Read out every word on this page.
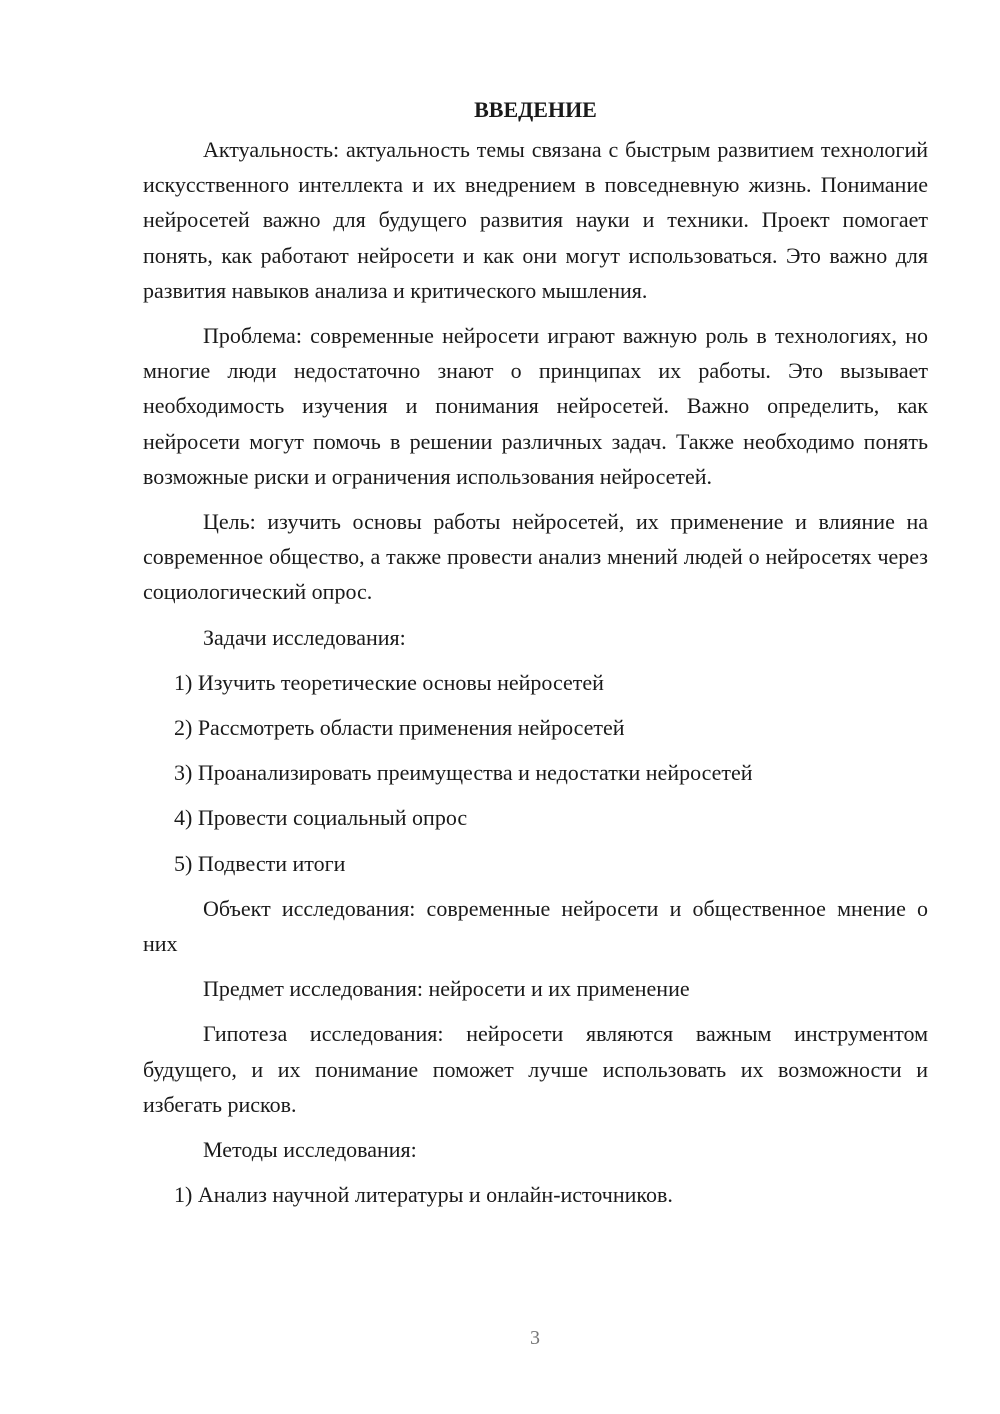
ВВЕДЕНИЕ
Актуальность: актуальность темы связана с быстрым развитием технологий искусственного интеллекта и их внедрением в повседневную жизнь. Понимание нейросетей важно для будущего развития науки и техники. Проект помогает понять, как работают нейросети и как они могут использоваться. Это важно для развития навыков анализа и критического мышления.
Проблема: современные нейросети играют важную роль в технологиях, но многие люди недостаточно знают о принципах их работы. Это вызывает необходимость изучения и понимания нейросетей. Важно определить, как нейросети могут помочь в решении различных задач. Также необходимо понять возможные риски и ограничения использования нейросетей.
Цель: изучить основы работы нейросетей, их применение и влияние на современное общество, а также провести анализ мнений людей о нейросетях через социологический опрос.
Задачи исследования:
1) Изучить теоретические основы нейросетей
2) Рассмотреть области применения нейросетей
3) Проанализировать преимущества и недостатки нейросетей
4) Провести социальный опрос
5) Подвести итоги
Объект исследования: современные нейросети и общественное мнение о них
Предмет исследования: нейросети и их применение
Гипотеза исследования: нейросети являются важным инструментом будущего, и их понимание поможет лучше использовать их возможности и избегать рисков.
Методы исследования:
1) Анализ научной литературы и онлайн-источников.
3
